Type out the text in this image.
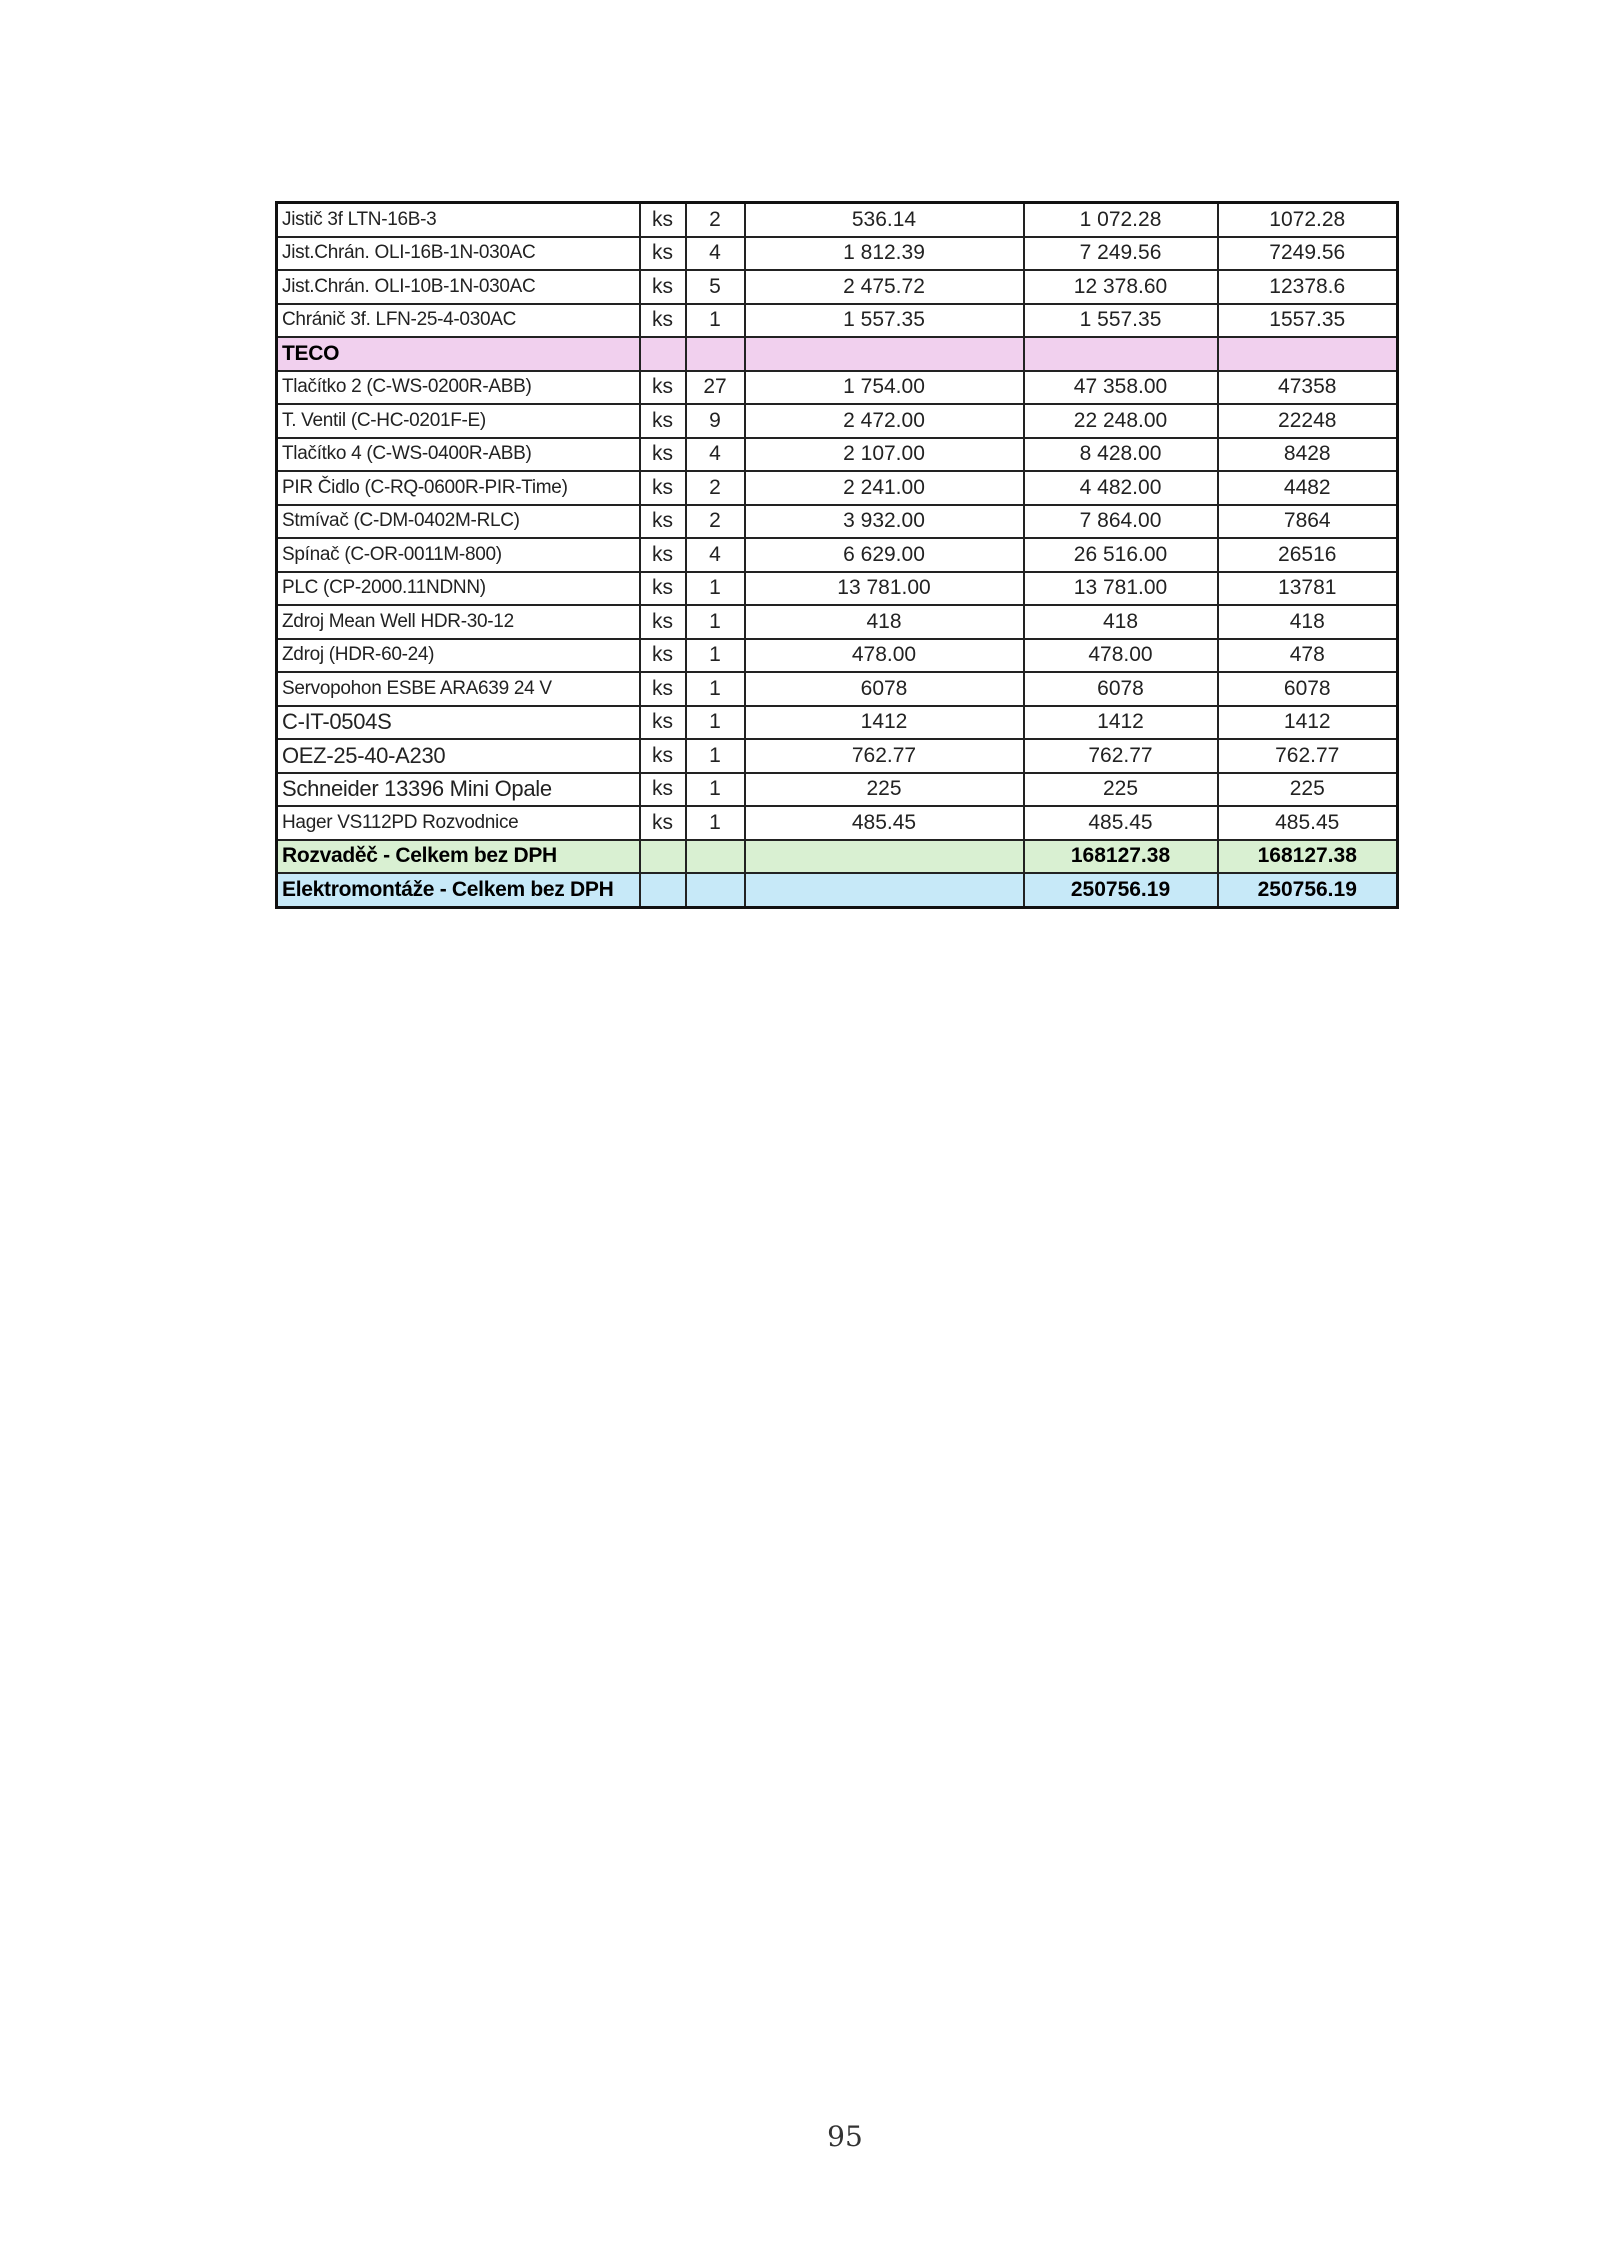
Jistič 3f LTN-16B-3	ks	2	536.14	1 072.28	1072.28
Jist.Chrán. OLI-16B-1N-030AC	ks	4	1 812.39	7 249.56	7249.56
Jist.Chrán. OLI-10B-1N-030AC	ks	5	2 475.72	12 378.60	12378.6
Chránič 3f. LFN-25-4-030AC	ks	1	1 557.35	1 557.35	1557.35
TECO					
Tlačítko 2 (C-WS-0200R-ABB)	ks	27	1 754.00	47 358.00	47358
T. Ventil (C-HC-0201F-E)	ks	9	2 472.00	22 248.00	22248
Tlačítko 4 (C-WS-0400R-ABB)	ks	4	2 107.00	8 428.00	8428
PIR Čidlo (C-RQ-0600R-PIR-Time)	ks	2	2 241.00	4 482.00	4482
Stmívač (C-DM-0402M-RLC)	ks	2	3 932.00	7 864.00	7864
Spínač (C-OR-0011M-800)	ks	4	6 629.00	26 516.00	26516
PLC (CP-2000.11NDNN)	ks	1	13 781.00	13 781.00	13781
Zdroj Mean Well HDR-30-12	ks	1	418	418	418
Zdroj (HDR-60-24)	ks	1	478.00	478.00	478
Servopohon ESBE ARA639 24 V	ks	1	6078	6078	6078
C-IT-0504S	ks	1	1412	1412	1412
OEZ-25-40-A230	ks	1	762.77	762.77	762.77
Schneider 13396 Mini Opale	ks	1	225	225	225
Hager VS112PD Rozvodnice	ks	1	485.45	485.45	485.45
Rozvaděč - Celkem bez DPH				168127.38	168127.38
Elektromontáže - Celkem bez DPH				250756.19	250756.19
95
